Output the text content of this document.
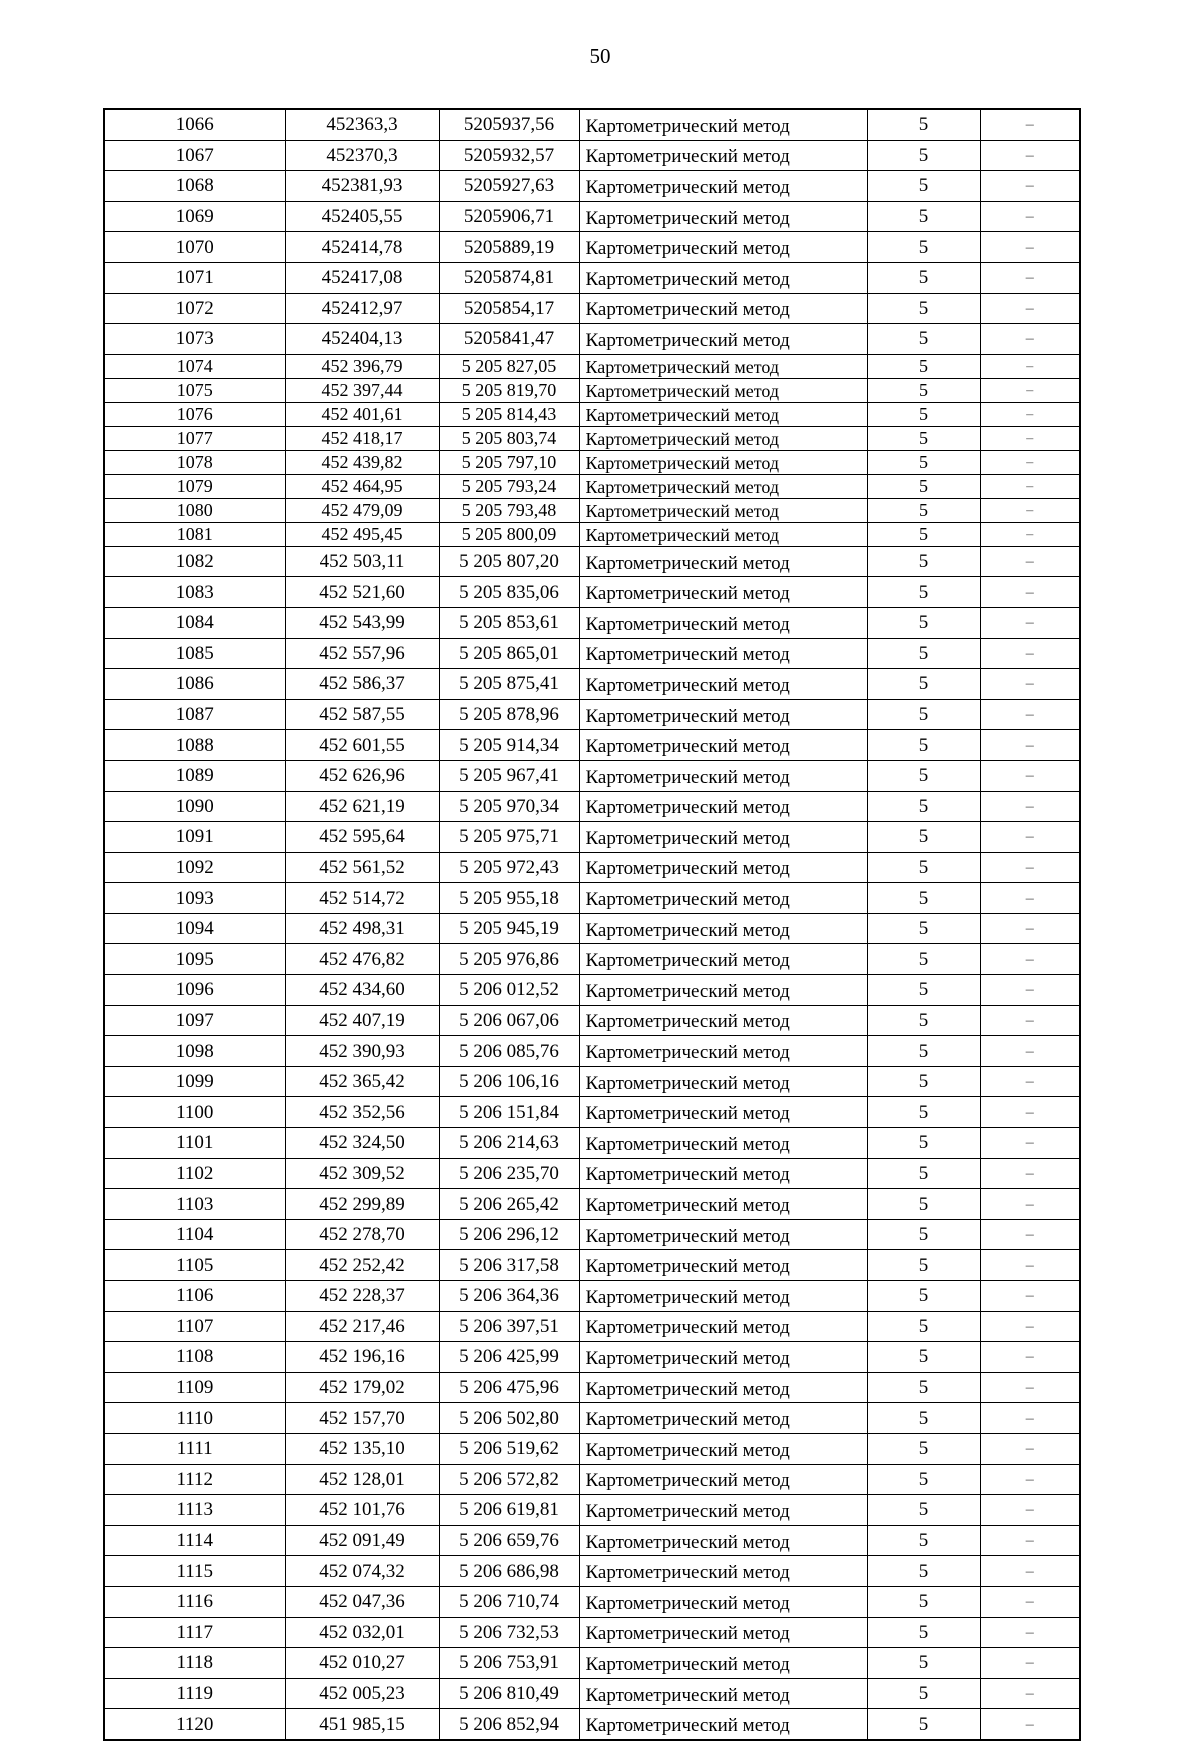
50
1066	452363,3	5205937,56	Картометрический метод	5	–
1067	452370,3	5205932,57	Картометрический метод	5	–
1068	452381,93	5205927,63	Картометрический метод	5	–
1069	452405,55	5205906,71	Картометрический метод	5	–
1070	452414,78	5205889,19	Картометрический метод	5	–
1071	452417,08	5205874,81	Картометрический метод	5	–
1072	452412,97	5205854,17	Картометрический метод	5	–
1073	452404,13	5205841,47	Картометрический метод	5	–
1074	452 396,79	5 205 827,05	Картометрический метод	5	–
1075	452 397,44	5 205 819,70	Картометрический метод	5	–
1076	452 401,61	5 205 814,43	Картометрический метод	5	–
1077	452 418,17	5 205 803,74	Картометрический метод	5	–
1078	452 439,82	5 205 797,10	Картометрический метод	5	–
1079	452 464,95	5 205 793,24	Картометрический метод	5	–
1080	452 479,09	5 205 793,48	Картометрический метод	5	–
1081	452 495,45	5 205 800,09	Картометрический метод	5	–
1082	452 503,11	5 205 807,20	Картометрический метод	5	–
1083	452 521,60	5 205 835,06	Картометрический метод	5	–
1084	452 543,99	5 205 853,61	Картометрический метод	5	–
1085	452 557,96	5 205 865,01	Картометрический метод	5	–
1086	452 586,37	5 205 875,41	Картометрический метод	5	–
1087	452 587,55	5 205 878,96	Картометрический метод	5	–
1088	452 601,55	5 205 914,34	Картометрический метод	5	–
1089	452 626,96	5 205 967,41	Картометрический метод	5	–
1090	452 621,19	5 205 970,34	Картометрический метод	5	–
1091	452 595,64	5 205 975,71	Картометрический метод	5	–
1092	452 561,52	5 205 972,43	Картометрический метод	5	–
1093	452 514,72	5 205 955,18	Картометрический метод	5	–
1094	452 498,31	5 205 945,19	Картометрический метод	5	–
1095	452 476,82	5 205 976,86	Картометрический метод	5	–
1096	452 434,60	5 206 012,52	Картометрический метод	5	–
1097	452 407,19	5 206 067,06	Картометрический метод	5	–
1098	452 390,93	5 206 085,76	Картометрический метод	5	–
1099	452 365,42	5 206 106,16	Картометрический метод	5	–
1100	452 352,56	5 206 151,84	Картометрический метод	5	–
1101	452 324,50	5 206 214,63	Картометрический метод	5	–
1102	452 309,52	5 206 235,70	Картометрический метод	5	–
1103	452 299,89	5 206 265,42	Картометрический метод	5	–
1104	452 278,70	5 206 296,12	Картометрический метод	5	–
1105	452 252,42	5 206 317,58	Картометрический метод	5	–
1106	452 228,37	5 206 364,36	Картометрический метод	5	–
1107	452 217,46	5 206 397,51	Картометрический метод	5	–
1108	452 196,16	5 206 425,99	Картометрический метод	5	–
1109	452 179,02	5 206 475,96	Картометрический метод	5	–
1110	452 157,70	5 206 502,80	Картометрический метод	5	–
1111	452 135,10	5 206 519,62	Картометрический метод	5	–
1112	452 128,01	5 206 572,82	Картометрический метод	5	–
1113	452 101,76	5 206 619,81	Картометрический метод	5	–
1114	452 091,49	5 206 659,76	Картометрический метод	5	–
1115	452 074,32	5 206 686,98	Картометрический метод	5	–
1116	452 047,36	5 206 710,74	Картометрический метод	5	–
1117	452 032,01	5 206 732,53	Картометрический метод	5	–
1118	452 010,27	5 206 753,91	Картометрический метод	5	–
1119	452 005,23	5 206 810,49	Картометрический метод	5	–
1120	451 985,15	5 206 852,94	Картометрический метод	5	–
